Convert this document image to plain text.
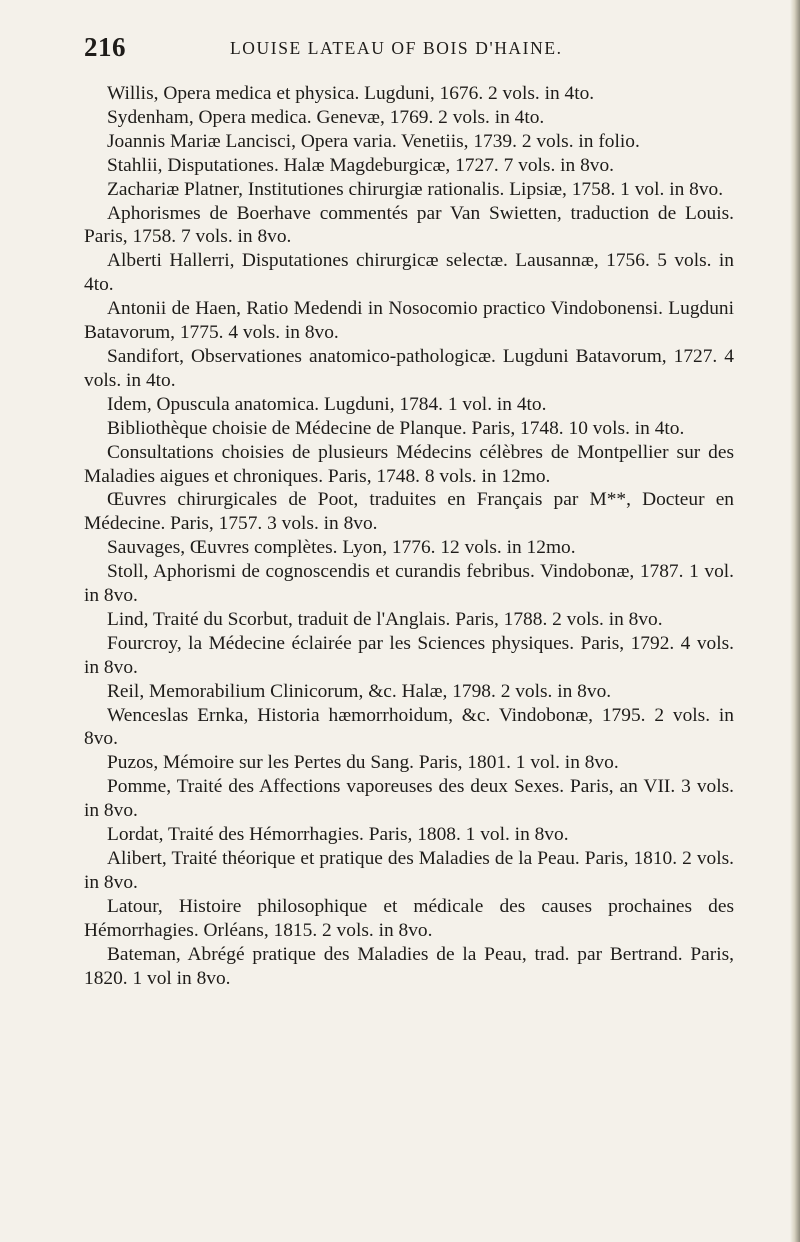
216	LOUISE LATEAU OF BOIS D'HAINE.

Willis, Opera medica et physica. Lugduni, 1676. 2 vols. in 4to.

Sydenham, Opera medica. Genevæ, 1769. 2 vols. in 4to.

Joannis Mariæ Lancisci, Opera varia. Venetiis, 1739. 2 vols. in folio.

Stahlii, Disputationes. Halæ Magdeburgicæ, 1727. 7 vols. in 8vo.

Zachariæ Platner, Institutiones chirurgiæ rationalis. Lipsiæ, 1758. 1 vol. in 8vo.

Aphorismes de Boerhave commentés par Van Swietten, traduction de Louis. Paris, 1758. 7 vols. in 8vo.

Alberti Hallerri, Disputationes chirurgicæ selectæ. Lausannæ, 1756. 5 vols. in 4to.

Antonii de Haen, Ratio Medendi in Nosocomio practico Vindobonensi. Lugduni Batavorum, 1775. 4 vols. in 8vo.

Sandifort, Observationes anatomico-pathologicæ. Lugduni Batavorum, 1727. 4 vols. in 4to.

Idem, Opuscula anatomica. Lugduni, 1784. 1 vol. in 4to.

Bibliothèque choisie de Médecine de Planque. Paris, 1748. 10 vols. in 4to.

Consultations choisies de plusieurs Médecins célèbres de Montpellier sur des Maladies aigues et chroniques. Paris, 1748. 8 vols. in 12mo.

Œuvres chirurgicales de Poot, traduites en Français par M**, Docteur en Médecine. Paris, 1757. 3 vols. in 8vo.

Sauvages, Œuvres complètes. Lyon, 1776. 12 vols. in 12mo.

Stoll, Aphorismi de cognoscendis et curandis febribus. Vindobonæ, 1787. 1 vol. in 8vo.

Lind, Traité du Scorbut, traduit de l'Anglais. Paris, 1788. 2 vols. in 8vo.

Fourcroy, la Médecine éclairée par les Sciences physiques. Paris, 1792. 4 vols. in 8vo.

Reil, Memorabilium Clinicorum, &c. Halæ, 1798. 2 vols. in 8vo.

Wenceslas Ernka, Historia hæmorrhoidum, &c. Vindobonæ, 1795. 2 vols. in 8vo.

Puzos, Mémoire sur les Pertes du Sang. Paris, 1801. 1 vol. in 8vo.

Pomme, Traité des Affections vaporeuses des deux Sexes. Paris, an VII. 3 vols. in 8vo.

Lordat, Traité des Hémorrhagies. Paris, 1808. 1 vol. in 8vo.

Alibert, Traité théorique et pratique des Maladies de la Peau. Paris, 1810. 2 vols. in 8vo.

Latour, Histoire philosophique et médicale des causes prochaines des Hémorrhagies. Orléans, 1815. 2 vols. in 8vo.

Bateman, Abrégé pratique des Maladies de la Peau, trad. par Bertrand. Paris, 1820. 1 vol in 8vo.
